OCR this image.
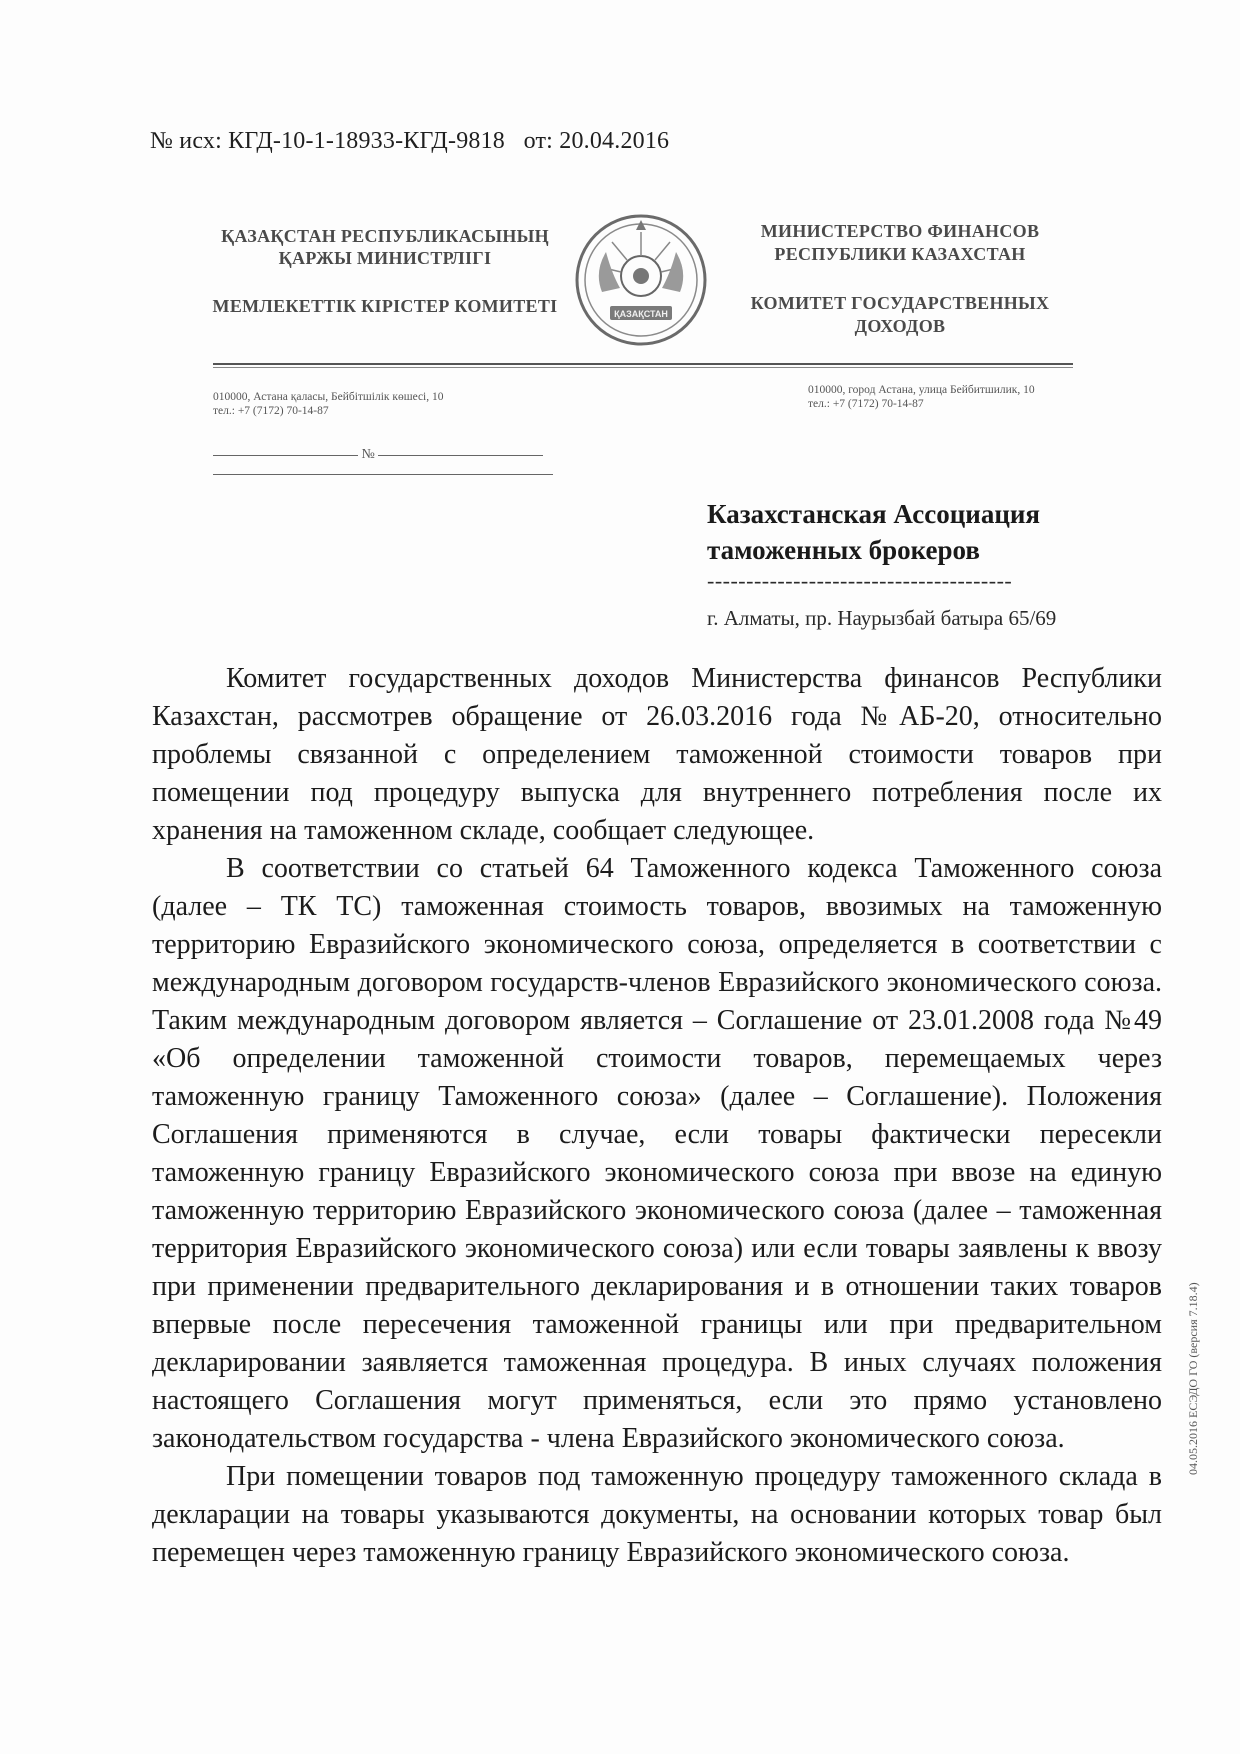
№ исх: КГД-10-1-18933-КГД-9818 от: 20.04.2016
ҚАЗАҚСТАН РЕСПУБЛИКАСЫНЫҢ ҚАРЖЫ МИНИСТРЛІГІ
МЕМЛЕКЕТТІК КІРІСТЕР КОМИТЕТІ	ҚАЗАҚСТАН
МИНИСТЕРСТВО ФИНАНСОВ РЕСПУБЛИКИ КАЗАХСТАН
КОМИТЕТ ГОСУДАРСТВЕННЫХ ДОХОДОВ
010000, Астана қаласы, Бейбітшілік көшесі, 10
тел.: +7 (7172) 70-14-87
010000, город Астана, улица Бейбитшилик, 10
тел.: +7 (7172) 70-14-87
№
Казахстанская Ассоциация
таможенных брокеров
---------------------------------------
г. Алматы, пр. Наурызбай батыра 65/69

Комитет государственных доходов Министерства финансов Республики Казахстан, рассмотрев обращение от 26.03.2016 года №АБ-20, относительно проблемы связанной с определением таможенной стоимости товаров при помещении под процедуру выпуска для внутреннего потребления после их хранения на таможенном складе, сообщает следующее.

В соответствии со статьей 64 Таможенного кодекса Таможенного союза (далее – ТК ТС) таможенная стоимость товаров, ввозимых на таможенную территорию Евразийского экономического союза, определяется в соответствии с международным договором государств-членов Евразийского экономического союза. Таким международным договором является – Соглашение от 23.01.2008 года №49 «Об определении таможенной стоимости товаров, перемещаемых через таможенную границу Таможенного союза» (далее – Соглашение). Положения Соглашения применяются в случае, если товары фактически пересекли таможенную границу Евразийского экономического союза при ввозе на единую таможенную территорию Евразийского экономического союза (далее – таможенная территория Евразийского экономического союза) или если товары заявлены к ввозу при применении предварительного декларирования и в отношении таких товаров впервые после пересечения таможенной границы или при предварительном декларировании заявляется таможенная процедура. В иных случаях положения настоящего Соглашения могут применяться, если это прямо установлено законодательством государства - члена Евразийского экономического союза.

При помещении товаров под таможенную процедуру таможенного склада в декларации на товары указываются документы, на основании которых товар был перемещен через таможенную границу Евразийского экономического союза.

04.05.2016 ЕСЭДО ГО (версия 7.18.4)
